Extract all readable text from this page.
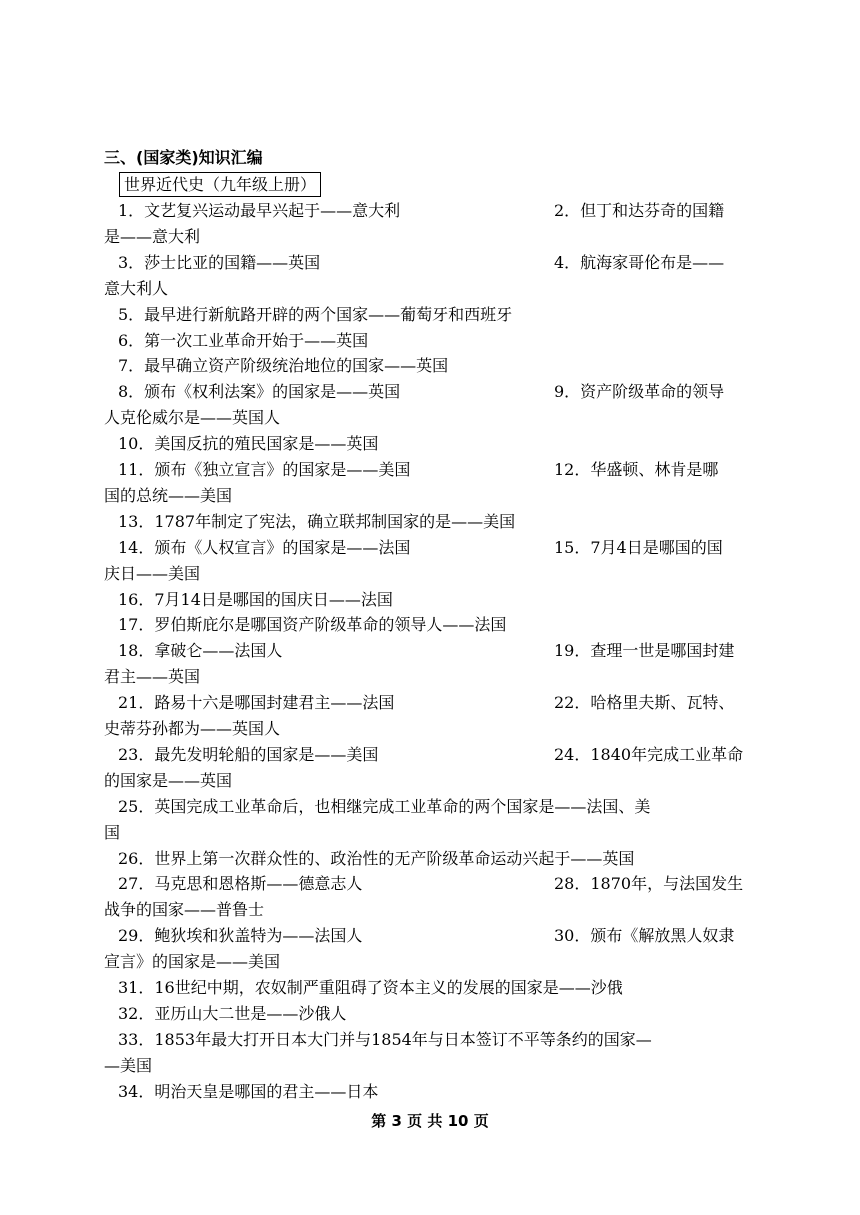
三、(国家类)知识汇编
世界近代史（九年级上册）
1．文艺复兴运动最早兴起于——意大利	2．但丁和达芬奇的国籍
是——意大利
3．莎士比亚的国籍——英国	4．航海家哥伦布是——
意大利人
5．最早进行新航路开辟的两个国家——葡萄牙和西班牙
6．第一次工业革命开始于——英国
7．最早确立资产阶级统治地位的国家——英国
8．颁布《权利法案》的国家是——英国	9．资产阶级革命的领导
人克伦威尔是——英国人
10．美国反抗的殖民国家是——英国
11．颁布《独立宣言》的国家是——美国	12．华盛顿、林肯是哪
国的总统——美国
13．1787年制定了宪法，确立联邦制国家的是——美国
14．颁布《人权宣言》的国家是——法国	15．7月4日是哪国的国
庆日——美国
16．7月14日是哪国的国庆日——法国
17．罗伯斯庇尔是哪国资产阶级革命的领导人——法国
18．拿破仑——法国人	19．查理一世是哪国封建
君主——英国
21．路易十六是哪国封建君主——法国	22．哈格里夫斯、瓦特、
史蒂芬孙都为——英国人
23．最先发明轮船的国家是——美国	24．1840年完成工业革命
的国家是——英国
25．英国完成工业革命后，也相继完成工业革命的两个国家是——法国、美
国
26．世界上第一次群众性的、政治性的无产阶级革命运动兴起于——英国
27．马克思和恩格斯——德意志人	28．1870年，与法国发生
战争的国家——普鲁士
29．鲍狄埃和狄盖特为——法国人	30．颁布《解放黑人奴隶
宣言》的国家是——美国
31．16世纪中期，农奴制严重阻碍了资本主义的发展的国家是——沙俄
32．亚历山大二世是——沙俄人
33．1853年最大打开日本大门并与1854年与日本签订不平等条约的国家—
—美国
34．明治天皇是哪国的君主——日本
第 3 页 共 10 页
